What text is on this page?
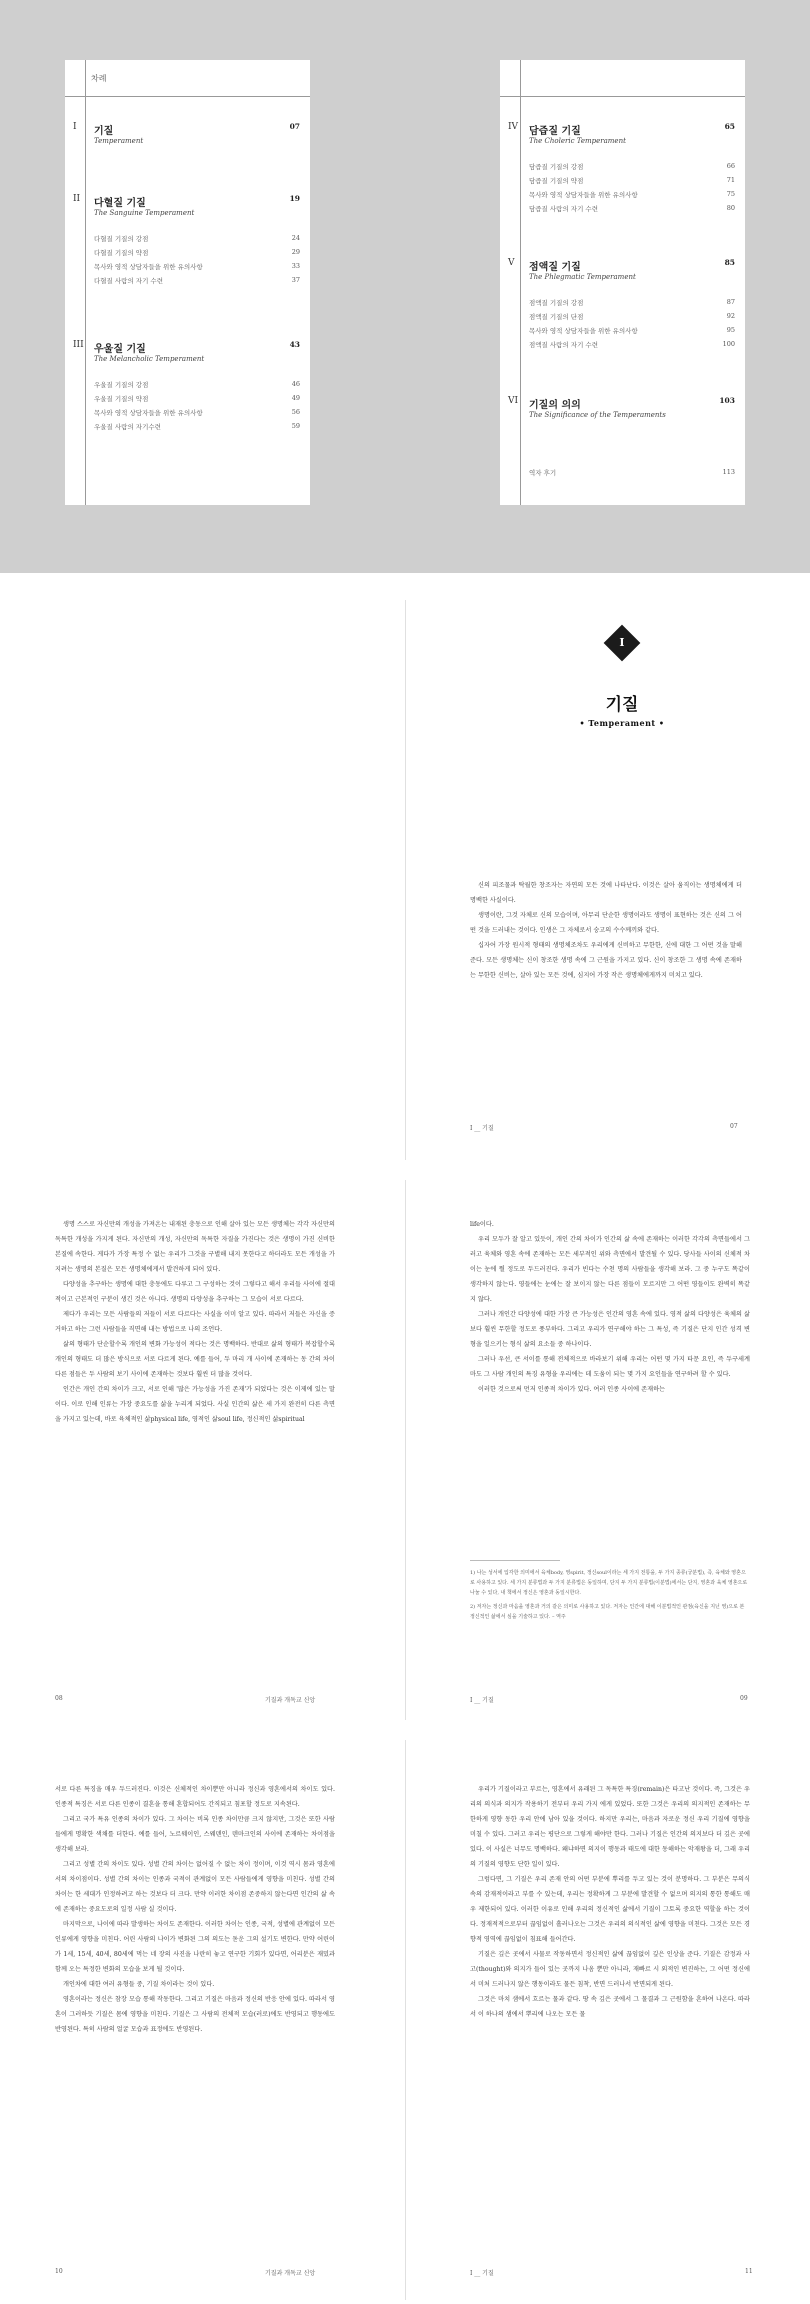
차례
I 기질
Temperament
07
II 다혈질 기질
The Sanguine Temperament
19
다혈질 기질의 강점	24
다혈질 기질의 약점	29
목사와 영적 상담자들을 위한 유의사항	33
다혈질 사람의 자기 수련	37
III 우울질 기질
The Melancholic Temperament
43
우울질 기질의 강점	46
우울질 기질의 약점	49
목사와 영적 상담자들을 위한 유의사항	56
우울질 사람의 자기수련	59
IV 담즙질 기질
The Choleric Temperament
65
담즙질 기질의 강점	66
담즙질 기질의 약점	71
목사와 영적 상담자들을 위한 유의사항	75
담즙질 사람의 자기 수련	80
V 점액질 기질
The Phlegmatic Temperament
85
점액질 기질의 강점	87
점액질 기질의 단점	92
목사와 영적 상담자들을 위한 유의사항	95
점액질 사람의 자기 수련	100
VI 기질의 의의
The Significance of the Temperaments
103
역자 후기	113
I
기질
• Temperament •

신의 피조물과 탁월한 창조자는 자연의 모든 것에 나타난다. 이것은 살아 움직이는 생명체에게 더 명백한 사실이다.

생명이란, 그것 자체로 신의 모습이며, 아무리 단순한 생명이라도 생명이 표현하는 것은 신의 그 어떤 것을 드러내는 것이다. 인생은 그 자체로서 숭고의 수수께끼와 같다.

십자어 가장 원시적 형태의 생명체조차도 우리에게 신비하고 무한한, 신에 대한 그 어떤 것을 말해 준다. 모든 생명체는 신이 창조한 생명 속에 그 근원을 가지고 있다. 신이 창조한 그 생명 속에 존재하는 무한한 신비는, 살아 있는 모든 것에, 심지어 가장 작은 생명체에게까지 미치고 있다.

I __ 기질	07

생명 스스로 자신만의 개성을 가져온는 내재된 충동으로 인해 살아 있는 모든 생명체는 각각 자신만의 독특한 개성을 가지게 된다. 자신만의 개성, 자신만의 독특한 자질을 가진다는 것은 생명이 가진 신비한 본질에 속한다. 게다가 가장 특정 수 없는 우리가 그것을 구별해 내지 못한다고 하더라도 모든 개성을 가지려는 생명의 본질은 모든 생명체에게서 발견하게 되어 있다.

다양성을 추구하는 생명에 대한 충동에도 다루고 그 구성하는 것이 그렇다고 해서 우리들 사이에 절대적이고 근본적인 구분이 생긴 것은 아니다. 생명의 다양성을 추구하는 그 모습이 서로 다르다.

제다가 우리는 모든 사람들의 저들이 서로 다르다는 사실을 이미 알고 있다. 따라서 저들은 자신을 증거하고 하는 그런 사람들을 직면해 내는 방법으로 나의 조언다.

삶의 형태가 단순할수록 개인의 변화 가능성이 적다는 것은 명백하다. 반대로 삶의 형태가 복잡할수록 개인의 형태도 더 많은 방식으로 서로 다르게 된다. 예를 들어, 두 마리 개 사이에 존재하는 동 간의 차이 다른 점들은 두 사람의 보기 사이에 존재하는 것보다 훨씬 더 많을 것이다.

인간은 개인 간의 차이가 크고, 서로 인해 '많은 가능성을 가진 존재'가 되었다는 것은 이제에 있는 말이다. 이로 인해 인류는 가장 중요도를 삶을 누리게 되었다. 사실 인간의 삶은 세 가지 완전히 다른 측면을 가지고 있는데, 바로 육체적인 삶physical life, 영적인 삶soul life, 정신적인 삶spiritual

08	기질과 개독교 신앙

life이다.

우리 모두가 잘 알고 있듯이, 개인 간의 차이가 인간의 삶 속에 존재하는 이러한 각각의 측면들에서 그러고 육체와 영혼 속에 존재하는 모든 세부적인 위와 측면에서 발견될 수 있다. 당사들 사이의 신체적 차이는 눈에 띌 정도로 두드러진다. 우리가 빈다는 수천 명의 사람들을 생각해 보라. 그 중 누구도 똑같이 생각하지 않는다. 영들에는 눈에는 잘 보이지 않는 다른 점들이 모르지만 그 어떤 영들이도 완벽히 똑같지 않다.

그러나 개인간 다양성에 대한 가장 큰 가능성은 인간의 영혼 속에 있다. 영적 삶의 다양성은 육체의 삶보다 훨씬 무한할 정도로 풍부하다. 그리고 우리가 연구해야 하는 그 특성, 즉 기질은 단지 인간 성격 변형을 일으키는 형식 삶의 요소들 중 하나이다.

그러나 우선, 큰 서이를 통해 전체적으로 바라보기 위해 우리는 어떤 몇 가지 타문 요인, 즉 두구세계마도 그 사람 개인의 특징 유형을 우리에는 데 도움이 되는 몇 가지 요인들을 연구하려 할 수 있다.

이러한 것으로써 먼저 인종적 차이가 있다. 여러 인종 사이에 존재하는

1) 나는 성서에 입각한 의미에서 육체body, 영spirit, 정신soul이라는 세 가지 전통을, 두 가지 종류(궁분법), 즉, 육체와 영혼으로 사용하고 있다. 세 가지 분류법과 두 가지 분류법은 동일하며, 단지 두 가지 분류법(이분법)에서는 단지, 영혼과 육체 영혼으로 나눌 수 있다, 내 책에서 정신은 영혼과 동일시한다.
2) 저자는 정신과 마음을 영혼과 거의 같은 의미로 사용하고 있다. 저자는 인간에 대해 이분법적인 관점(육신을 지닌 영)으로 본 정신적인 삶에서 심을 기술하고 있다. – 역주
I __ 기질	09

서로 다른 특징을 매우 두드러진다. 이것은 신체적인 차이뿐만 아니라 정신과 영혼에서의 차이도 있다. 인종적 특징은 서로 다른 인종이 결혼을 통해 혼합되어도 간직되고 침포할 정도로 지속된다.

그리고 국가 특유 인종의 차이가 있다. 그 차이는 비록 인종 차이만큼 크지 않지만, 그것은 또한 사람들에게 명확한 색채를 더한다. 예를 들어, 노르웨이인, 스웨덴인, 덴마크인의 사이에 존재하는 차이점을 생각해 보라.

그리고 성별 간의 차이도 있다. 성별 간의 차이는 없어질 수 없는 차이 정이며, 이것 역시 몸과 영혼에서의 차이점이다. 성별 간의 차이는 인종과 국적이 관계없이 모든 사람들에게 영향을 미친다. 성별 간의 차이는 한 세대가 인정하려고 하는 것보다 더 크다. 만약 이러한 차이점 존중하지 않는다면 인간의 삶 속에 존재하는 중요도로의 일정 사람 실 것이다.

마지막으로, 나이에 따라 발생하는 차이도 존재한다. 이러한 차이는 인종, 국적, 성별에 관계없이 모든 인류에게 영향을 미친다. 어린 사람의 나이가 변화된 그의 의도는 돋운 그의 설기도 변한다. 만약 어린이가 1세, 15세, 40세, 80세에 먹는 네 장의 사진을 나란히 놓고 연구한 기회가 있다면, 어리분은 재밌과 함께 오는 특정한 변화의 모습을 보게 될 것이다.

개인차에 대한 여러 유형들 중, 기질 차이라는 것이 있다.

영혼이라는 정신은 참장 모습 통해 작동한다. 그리고 기질은 마음과 정신의 반응 안에 있다. 따라서 영혼이 그러하듯 기질은 몸에 영향을 미친다. 기질은 그 사람의 전체적 모습(러로)에도 반영되고 행동에도 반영된다. 특히 사람의 얼굴 모습과 표정에도 반영된다.

10	기질과 개독교 신앙

우리가 기질이라고 부르는, 영혼에서 유래된 그 독특한 특징(remain)은 타고난 것이다. 즉, 그것은 우리의 의식과 의지가 작용하기 전부터 우리 가지 에게 있었다. 또한 그것은 우리의 의지적인 존재하는 무한하게 영향 동한 우리 안에 남아 있을 것이다. 하지만 우리는, 마음과 자로운 정신 우리 기질에 영향을 미칠 수 있다. 그러고 우리는 평단으로 그렇게 해야만 한다. 그러나 기질은 인간의 의지보다 더 깊은 곳에 있다. 이 사실은 너무도 명백하다. 왜냐하면 의지이 행동과 태도에 대한 동해하는 악재왕을 더, 그래 우리의 기질의 영향도 단한 일이 있다.

그럼다면, 그 기질은 우리 존재 안의 어떤 부분에 뿌리를 두고 있는 것이 분명하다. 그 부분은 무의식 속의 감재적이라고 부를 수 있는데, 우리는 정확하게 그 부분에 발견할 수 없으며 의지의 통한 통해도 매우 제한되어 있다. 이러한 이유로 인해 우리의 정신적인 삶에서 기질이 그토록 중요한 역할을 하는 것이다. 정재적적으로부터 끊임없이 흘러나오는 그것은 우리의 의식적인 삶에 영향을 미친다. 그것은 모든 경향적 영역에 끊임없이 침표해 들어간다.

기질은 깊은 곳에서 사물로 작동하면서 정신적인 삶에 끊임없이 깊은 인상을 준다. 기질은 감정과 사고(thought)와 의지가 들어 있는 곳까지 나옴 뿐만 아니라, 재빠르 시 외적인 변진하는, 그 어떤 정신에서 미처 드러나지 않은 행동이라도 물든 침착, 반면 드러나서 반면되게 된다.

그것은 마치 샘에서 흐르는 물과 같다. 땅 속 깊은 곳에서 그 물결과 그 근원함을 흔하여 나온다. 따라서 이 하나의 샘에서 뿌리에 나오는 모든 물

I __ 기질	11
